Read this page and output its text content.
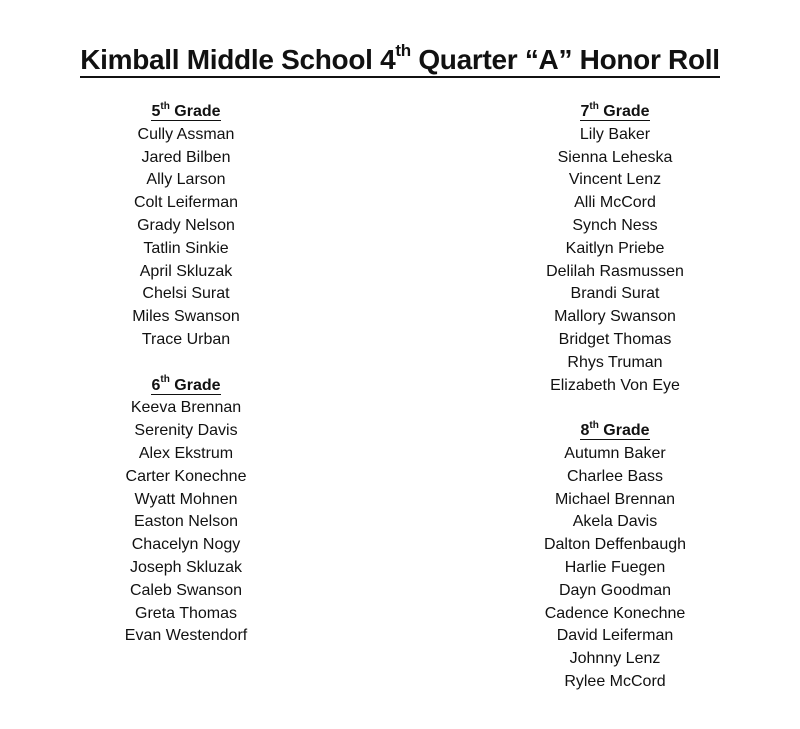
Kimball Middle School 4th Quarter “A” Honor Roll
5th Grade
Cully Assman
Jared Bilben
Ally Larson
Colt Leiferman
Grady Nelson
Tatlin Sinkie
April Skluzak
Chelsi Surat
Miles Swanson
Trace Urban
6th Grade
Keeva Brennan
Serenity Davis
Alex Ekstrum
Carter Konechne
Wyatt Mohnen
Easton Nelson
Chacelyn Nogy
Joseph Skluzak
Caleb Swanson
Greta Thomas
Evan Westendorf
7th Grade
Lily Baker
Sienna Leheska
Vincent Lenz
Alli McCord
Synch Ness
Kaitlyn Priebe
Delilah Rasmussen
Brandi Surat
Mallory Swanson
Bridget Thomas
Rhys Truman
Elizabeth Von Eye
8th Grade
Autumn Baker
Charlee Bass
Michael Brennan
Akela Davis
Dalton Deffenbaugh
Harlie Fuegen
Dayn Goodman
Cadence Konechne
David Leiferman
Johnny Lenz
Rylee McCord
